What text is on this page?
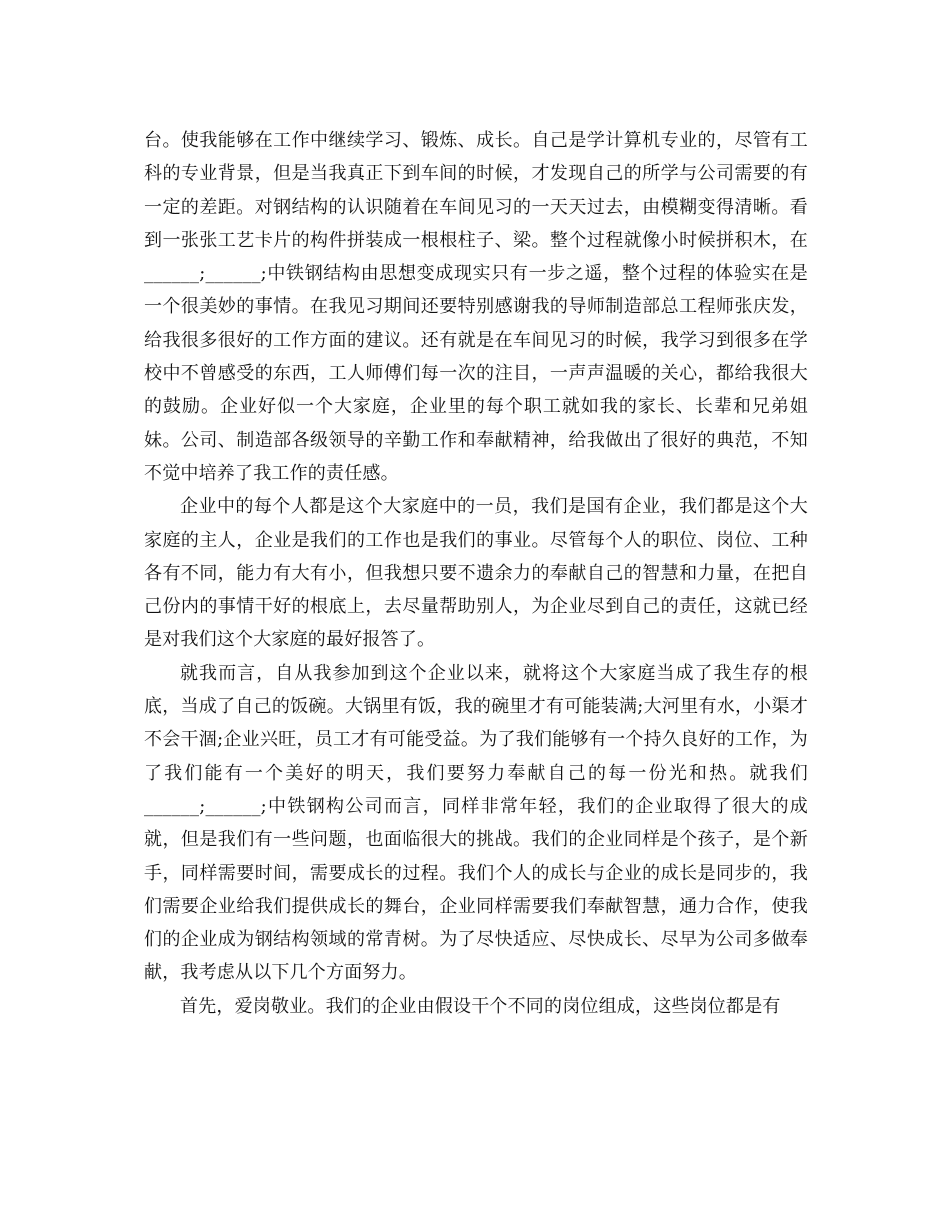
台。使我能够在工作中继续学习、锻炼、成长。自己是学计算机专业的，尽管有工科的专业背景，但是当我真正下到车间的时候，才发现自己的所学与公司需要的有一定的差距。对钢结构的认识随着在车间见习的一天天过去，由模糊变得清晰。看到一张张工艺卡片的构件拼装成一根根柱子、梁。整个过程就像小时候拼积木，在______;______;中铁钢结构由思想变成现实只有一步之遥，整个过程的体验实在是一个很美妙的事情。在我见习期间还要特别感谢我的导师制造部总工程师张庆发，给我很多很好的工作方面的建议。还有就是在车间见习的时候，我学习到很多在学校中不曾感受的东西，工人师傅们每一次的注目，一声声温暖的关心，都给我很大的鼓励。企业好似一个大家庭，企业里的每个职工就如我的家长、长辈和兄弟姐妹。公司、制造部各级领导的辛勤工作和奉献精神，给我做出了很好的典范，不知不觉中培养了我工作的责任感。

企业中的每个人都是这个大家庭中的一员，我们是国有企业，我们都是这个大家庭的主人，企业是我们的工作也是我们的事业。尽管每个人的职位、岗位、工种各有不同，能力有大有小，但我想只要不遗余力的奉献自己的智慧和力量，在把自己份内的事情干好的根底上，去尽量帮助别人，为企业尽到自己的责任，这就已经是对我们这个大家庭的最好报答了。

就我而言，自从我参加到这个企业以来，就将这个大家庭当成了我生存的根底，当成了自己的饭碗。大锅里有饭，我的碗里才有可能装满;大河里有水，小渠才不会干涸;企业兴旺，员工才有可能受益。为了我们能够有一个持久良好的工作，为了我们能有一个美好的明天，我们要努力奉献自己的每一份光和热。就我们______;______;中铁钢构公司而言，同样非常年轻，我们的企业取得了很大的成就，但是我们有一些问题，也面临很大的挑战。我们的企业同样是个孩子，是个新手，同样需要时间，需要成长的过程。我们个人的成长与企业的成长是同步的，我们需要企业给我们提供成长的舞台，企业同样需要我们奉献智慧，通力合作，使我们的企业成为钢结构领域的常青树。为了尽快适应、尽快成长、尽早为公司多做奉献，我考虑从以下几个方面努力。

首先，爱岗敬业。我们的企业由假设干个不同的岗位组成，这些岗位都是有
